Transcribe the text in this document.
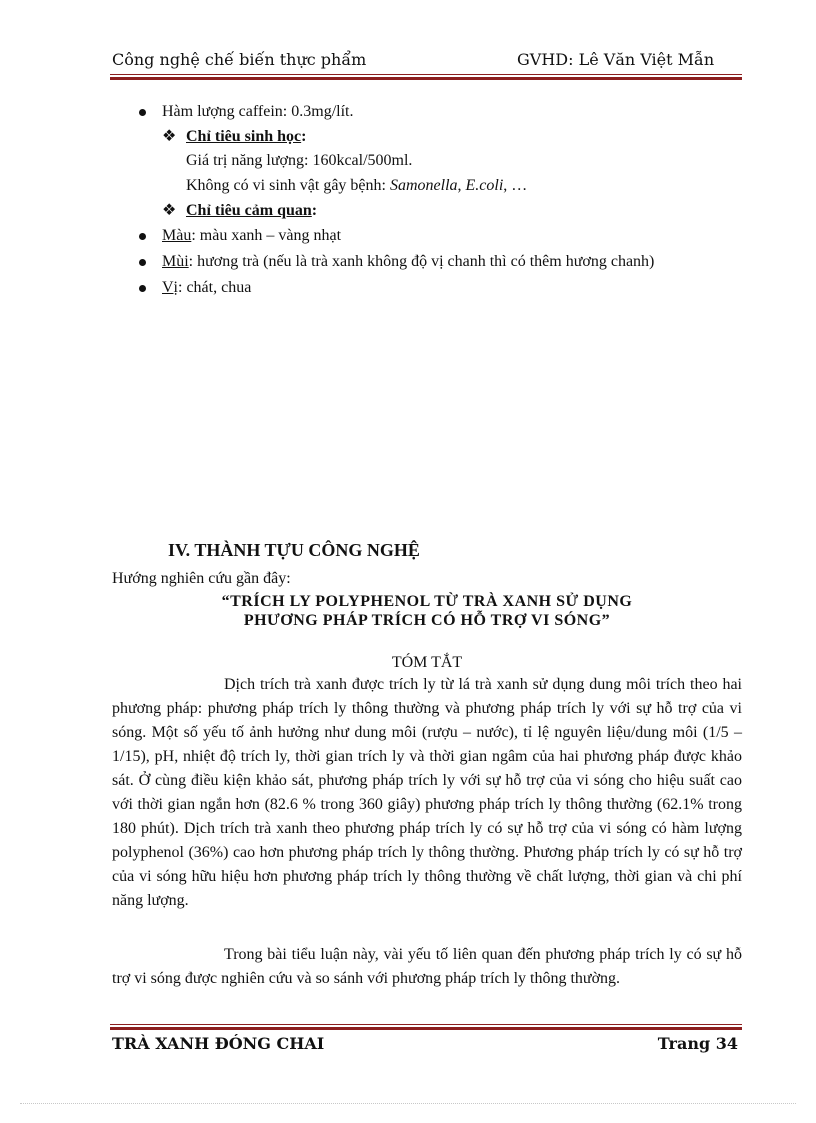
Công nghệ chế biến thực phẩm	GVHD: Lê Văn Việt Mẫn
Hàm lượng caffein: 0.3mg/lít.
❖ Chỉ tiêu sinh học:
Giá trị năng lượng: 160kcal/500ml.
Không có vi sinh vật gây bệnh: Samonella, E.coli, …
❖ Chỉ tiêu cảm quan:
Màu: màu xanh – vàng nhạt
Mùi: hương trà (nếu là trà xanh không độ vị chanh thì có thêm hương chanh)
Vị: chát, chua
IV. THÀNH TỰU CÔNG NGHỆ
Hướng nghiên cứu gần đây:
“TRÍCH LY POLYPHENOL TỪ TRÀ XANH SỬ DỤNG
PHƯƠNG PHÁP TRÍCH CÓ HỖ TRỢ VI SÓNG”
TÓM TẮT
Dịch trích trà xanh được trích ly từ lá trà xanh sử dụng dung môi trích theo hai phương pháp: phương pháp trích ly thông thường và phương pháp trích ly với sự hỗ trợ của vi sóng. Một số yếu tố ảnh hưởng như dung môi (rượu – nước), tỉ lệ nguyên liệu/dung môi (1/5 – 1/15), pH, nhiệt độ trích ly, thời gian trích ly và thời gian ngâm của hai phương pháp được khảo sát. Ở cùng điều kiện khảo sát, phương pháp trích ly với sự hỗ trợ của vi sóng cho hiệu suất cao với thời gian ngắn hơn (82.6 % trong 360 giây) phương pháp trích ly thông thường (62.1% trong 180 phút). Dịch trích trà xanh theo phương pháp trích ly có sự hỗ trợ của vi sóng có hàm lượng polyphenol (36%) cao hơn phương pháp trích ly thông thường. Phương pháp trích ly có sự hỗ trợ của vi sóng hữu hiệu hơn phương pháp trích ly thông thường về chất lượng, thời gian và chi phí năng lượng.
Trong bài tiểu luận này, vài yếu tố liên quan đến phương pháp trích ly có sự hỗ trợ vi sóng được nghiên cứu và so sánh với phương pháp trích ly thông thường.
TRÀ XANH ĐÓNG CHAI	Trang 34
